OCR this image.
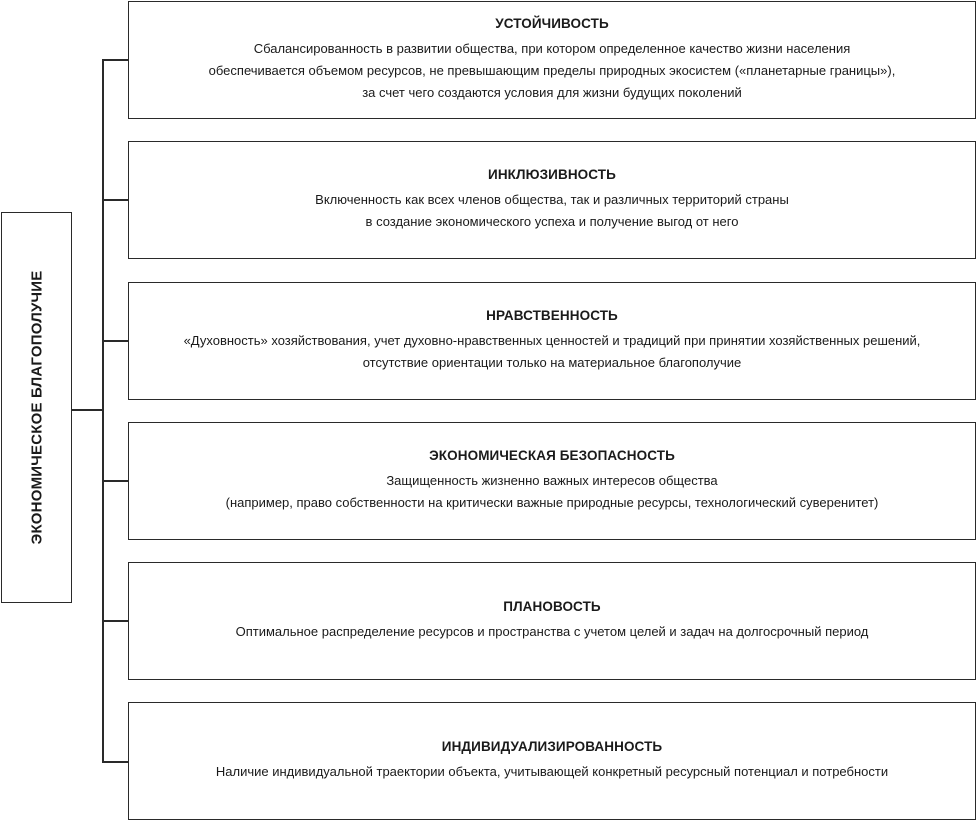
ЭКОНОМИЧЕСКОЕ БЛАГОПОЛУЧИЕ
УСТОЙЧИВОСТЬ
Сбалансированность в развитии общества, при котором определенное качество жизни населения
обеспечивается объемом ресурсов, не превышающим пределы природных экосистем («планетарные границы»),
за счет чего создаются условия для жизни будущих поколений
ИНКЛЮЗИВНОСТЬ
Включенность как всех членов общества, так и различных территорий страны
в создание экономического успеха и получение выгод от него
НРАВСТВЕННОСТЬ
«Духовность» хозяйствования, учет духовно-нравственных ценностей и традиций при принятии хозяйственных решений,
отсутствие ориентации только на материальное благополучие
ЭКОНОМИЧЕСКАЯ БЕЗОПАСНОСТЬ
Защищенность жизненно важных интересов общества
(например, право собственности на критически важные природные ресурсы, технологический суверенитет)
ПЛАНОВОСТЬ
Оптимальное распределение ресурсов и пространства с учетом целей и задач на долгосрочный период
ИНДИВИДУАЛИЗИРОВАННОСТЬ
Наличие индивидуальной траектории объекта, учитывающей конкретный ресурсный потенциал и потребности
